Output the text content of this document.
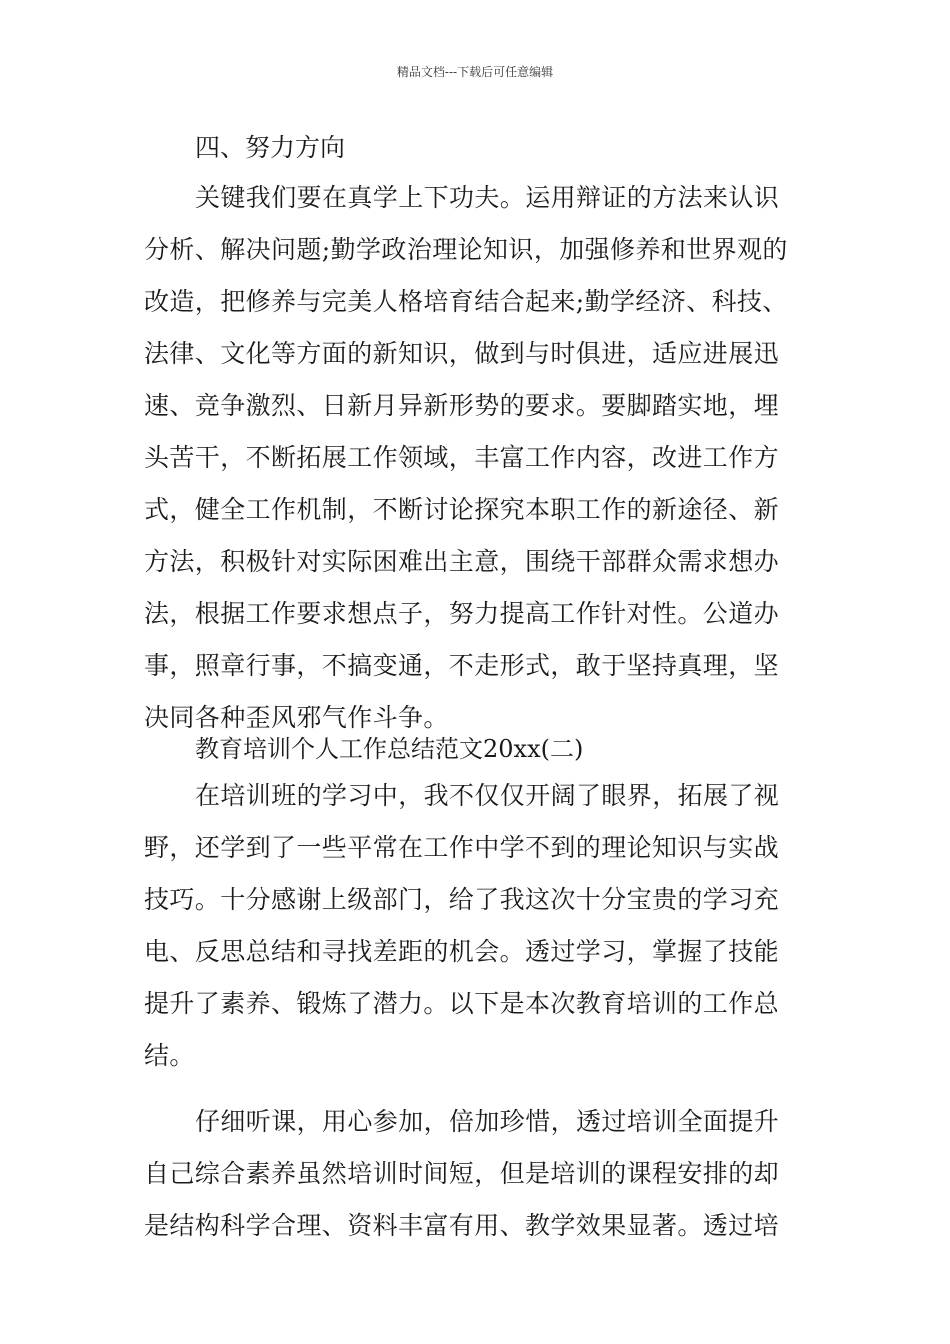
精品文档---下载后可任意编辑
四、努力方向
关键我们要在真学上下功夫。运用辩证的方法来认识
分析、解决问题;勤学政治理论知识，加强修养和世界观的
改造，把修养与完美人格培育结合起来;勤学经济、科技、
法律、文化等方面的新知识，做到与时俱进，适应进展迅
速、竞争激烈、日新月异新形势的要求。要脚踏实地，埋
头苦干，不断拓展工作领域，丰富工作内容，改进工作方
式，健全工作机制，不断讨论探究本职工作的新途径、新
方法，积极针对实际困难出主意，围绕干部群众需求想办
法，根据工作要求想点子，努力提高工作针对性。公道办
事，照章行事，不搞变通，不走形式，敢于坚持真理，坚
决同各种歪风邪气作斗争。
教育培训个人工作总结范文20xx(二)
在培训班的学习中，我不仅仅开阔了眼界，拓展了视
野，还学到了一些平常在工作中学不到的理论知识与实战
技巧。十分感谢上级部门，给了我这次十分宝贵的学习充
电、反思总结和寻找差距的机会。透过学习，掌握了技能
提升了素养、锻炼了潜力。以下是本次教育培训的工作总
结。
仔细听课，用心参加，倍加珍惜，透过培训全面提升
自己综合素养虽然培训时间短，但是培训的课程安排的却
是结构科学合理、资料丰富有用、教学效果显著。透过培
